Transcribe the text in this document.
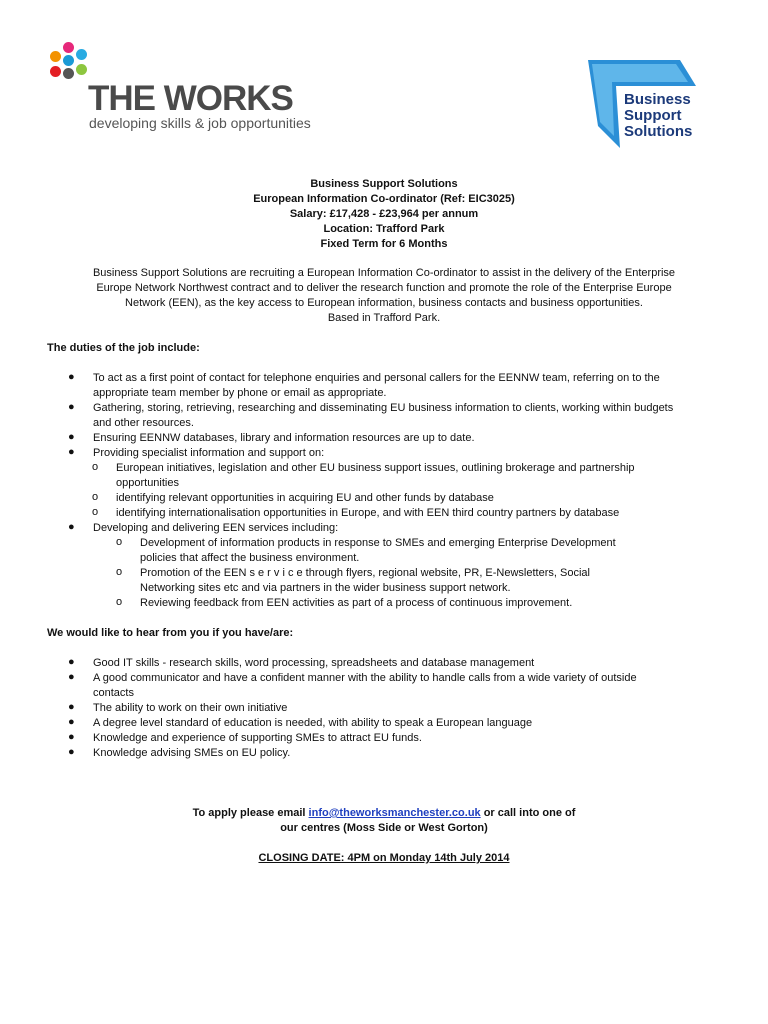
THE WORKS
developing skills & job opportunities
Business
Support
Solutions
Business Support Solutions
European Information Co-ordinator (Ref: EIC3025)
Salary: £17,428 - £23,964 per annum
Location: Trafford Park
Fixed Term for 6 Months
Business Support Solutions are recruiting a European Information Co-ordinator to assist in the delivery of the Enterprise
Europe Network Northwest contract and to deliver the research function and promote the role of the Enterprise Europe
Network (EEN), as the key access to European information, business contacts and business opportunities.
Based in Trafford Park.
The duties of the job include:
● To act as a first point of contact for telephone enquiries and personal callers for the EENNW team, referring on to the
appropriate team member by phone or email as appropriate.
● Gathering, storing, retrieving, researching and disseminating EU business information to clients, working within budgets
and other resources.
● Ensuring EENNW databases, library and information resources are up to date.
● Providing specialist information and support on:
o European initiatives, legislation and other EU business support issues, outlining brokerage and partnership
opportunities
o identifying relevant opportunities in acquiring EU and other funds by database
o identifying internationalisation opportunities in Europe, and with EEN third country partners by database
● Developing and delivering EEN services including:
o Development of information products in response to SMEs and emerging Enterprise Development
policies that affect the business environment.
o Promotion of the EEN s e r v i c e through flyers, regional website, PR, E-Newsletters, Social
Networking sites etc and via partners in the wider business support network.
o Reviewing feedback from EEN activities as part of a process of continuous improvement.
We would like to hear from you if you have/are:
● Good IT skills - research skills, word processing, spreadsheets and database management
● A good communicator and have a confident manner with the ability to handle calls from a wide variety of outside
contacts
● The ability to work on their own initiative
● A degree level standard of education is needed, with ability to speak a European language
● Knowledge and experience of supporting SMEs to attract EU funds.
● Knowledge advising SMEs on EU policy.
To apply please email info@theworksmanchester.co.uk or call into one of
our centres (Moss Side or West Gorton)
CLOSING DATE: 4PM on Monday 14th July 2014
